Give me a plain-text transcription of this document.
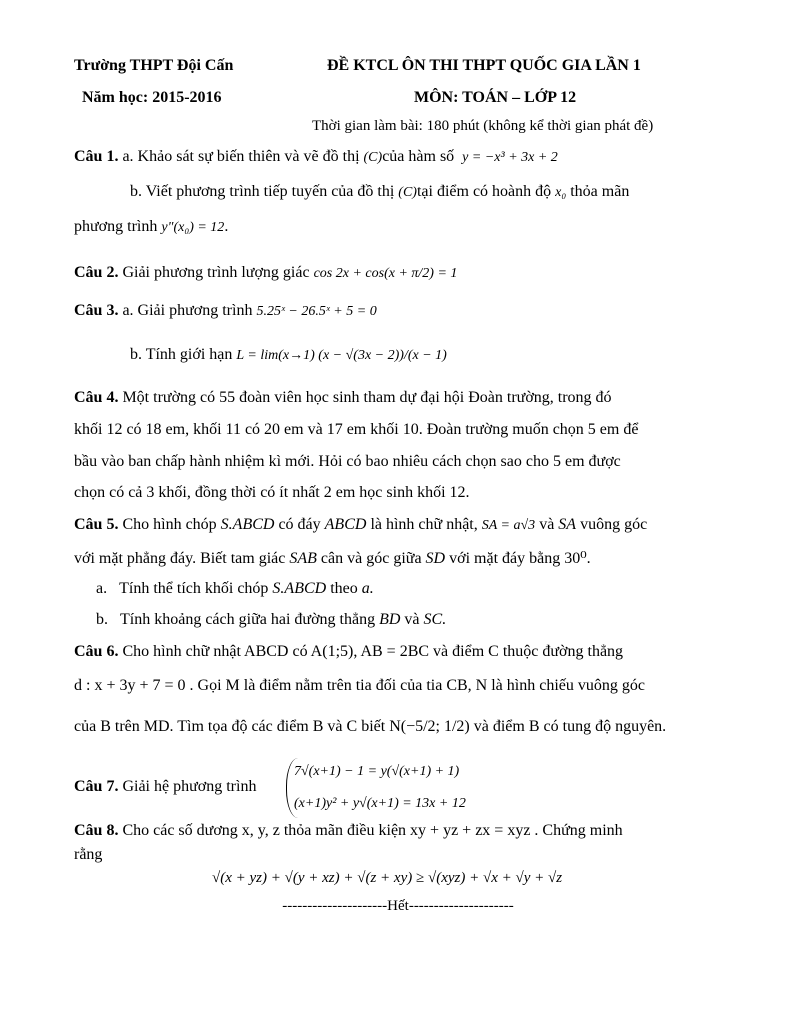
Trường THPT Đội Cấn
Năm học: 2015-2016
ĐỀ KTCL ÔN THI THPT QUỐC GIA LẦN 1
MÔN: TOÁN – LỚP 12
Thời gian làm bài: 180 phút (không kể thời gian phát đề)
Câu 1. a. Khảo sát sự biến thiên và vẽ đồ thị (C)của hàm số y = −x³ + 3x + 2
b. Viết phương trình tiếp tuyến của đồ thị (C)tại điểm có hoành độ x₀ thỏa mãn
phương trình y"(x₀) = 12.
Câu 2. Giải phương trình lượng giác cos 2x + cos(x + π/2) = 1
Câu 3. a. Giải phương trình 5.25ˣ − 26.5ˣ + 5 = 0
b. Tính giới hạn L = lim(x→1) (x − √(3x − 2))/(x − 1)
Câu 4. Một trường có 55 đoàn viên học sinh tham dự đại hội Đoàn trường, trong đó
khối 12 có 18 em, khối 11 có 20 em và 17 em khối 10. Đoàn trường muốn chọn 5 em để
bầu vào ban chấp hành nhiệm kì mới. Hỏi có bao nhiêu cách chọn sao cho 5 em được
chọn có cả 3 khối, đồng thời có ít nhất 2 em học sinh khối 12.
Câu 5. Cho hình chóp S.ABCD có đáy ABCD là hình chữ nhật, SA = a√3 và SA vuông góc
với mặt phẳng đáy. Biết tam giác SAB cân và góc giữa SD với mặt đáy bằng 30⁰.
a. Tính thể tích khối chóp S.ABCD theo a.
b. Tính khoảng cách giữa hai đường thẳng BD và SC.
Câu 6. Cho hình chữ nhật ABCD có A(1;5), AB = 2BC và điểm C thuộc đường thẳng
d : x + 3y + 7 = 0 . Gọi M là điểm nằm trên tia đối của tia CB, N là hình chiếu vuông góc
của B trên MD. Tìm tọa độ các điểm B và C biết N(−5/2; 1/2) và điểm B có tung độ nguyên.
Câu 7. Giải hệ phương trình
7√(x+1) − 1 = y(√(x+1) + 1)
(x+1)y² + y√(x+1) = 13x + 12
Câu 8. Cho các số dương x, y, z thỏa mãn điều kiện xy + yz + zx = xyz . Chứng minh
rằng
√(x + yz) + √(y + xz) + √(z + xy) ≥ √(xyz) + √x + √y + √z
---------------------Hết---------------------
